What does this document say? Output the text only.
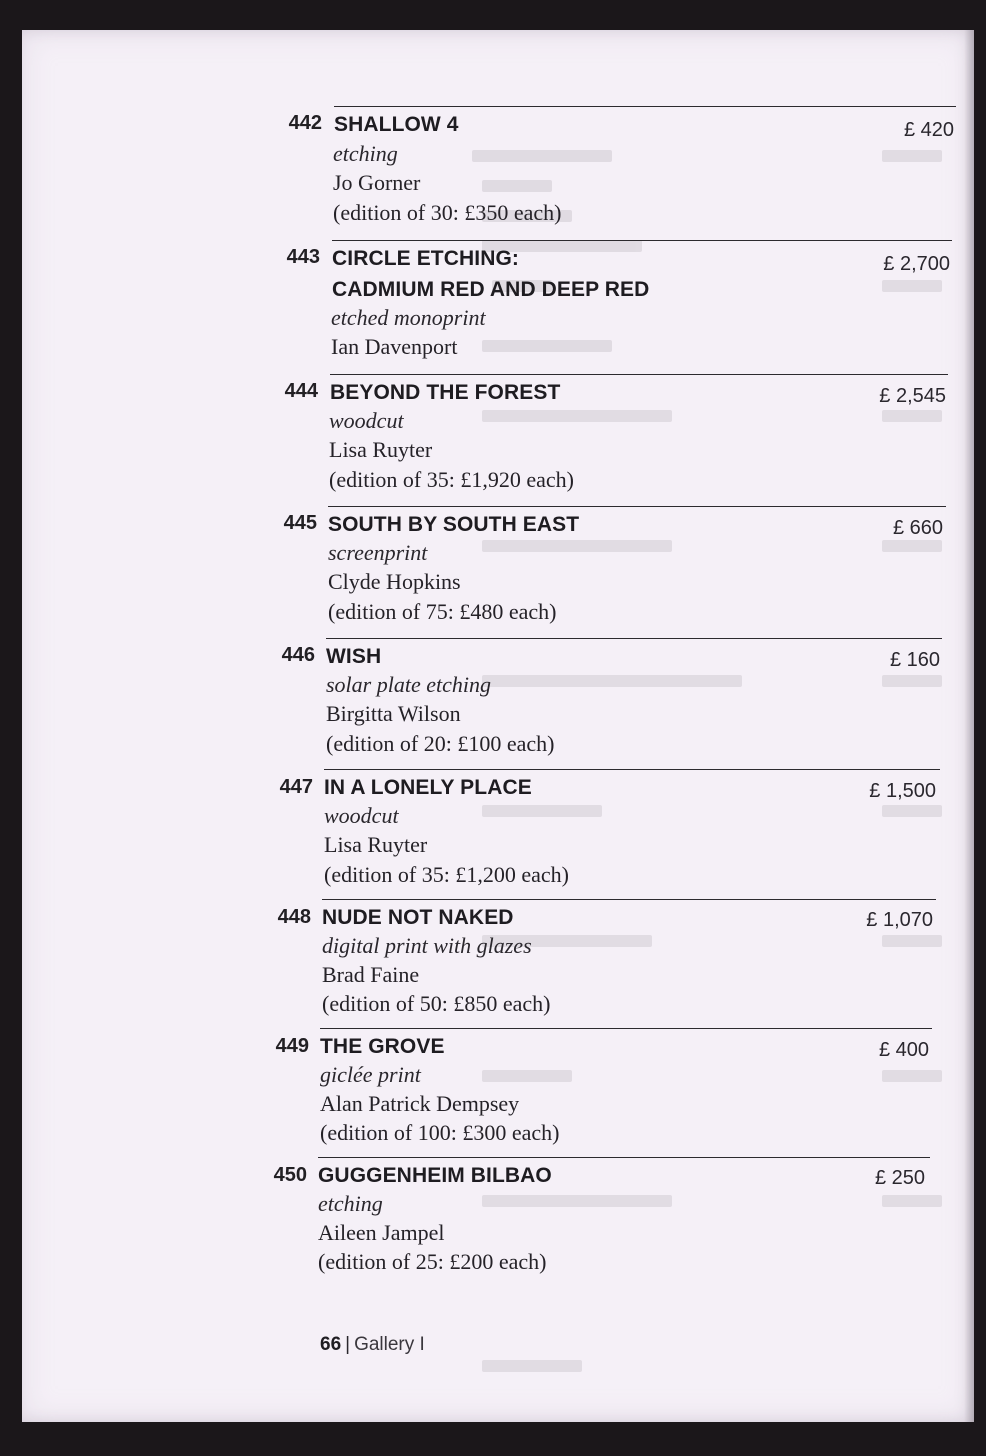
442 SHALLOW 4
etching
Jo Gorner
(edition of 30: £350 each)
£ 420
443 CIRCLE ETCHING:
CADMIUM RED AND DEEP RED
etched monoprint
Ian Davenport
£ 2,700
444 BEYOND THE FOREST
woodcut
Lisa Ruyter
(edition of 35: £1,920 each)
£ 2,545
445 SOUTH BY SOUTH EAST
screenprint
Clyde Hopkins
(edition of 75: £480 each)
£ 660
446 WISH
solar plate etching
Birgitta Wilson
(edition of 20: £100 each)
£ 160
447 IN A LONELY PLACE
woodcut
Lisa Ruyter
(edition of 35: £1,200 each)
£ 1,500
448 NUDE NOT NAKED
digital print with glazes
Brad Faine
(edition of 50: £850 each)
£ 1,070
449 THE GROVE
giclée print
Alan Patrick Dempsey
(edition of 100: £300 each)
£ 400
450 GUGGENHEIM BILBAO
etching
Aileen Jampel
(edition of 25: £200 each)
£ 250
66 | Gallery I
